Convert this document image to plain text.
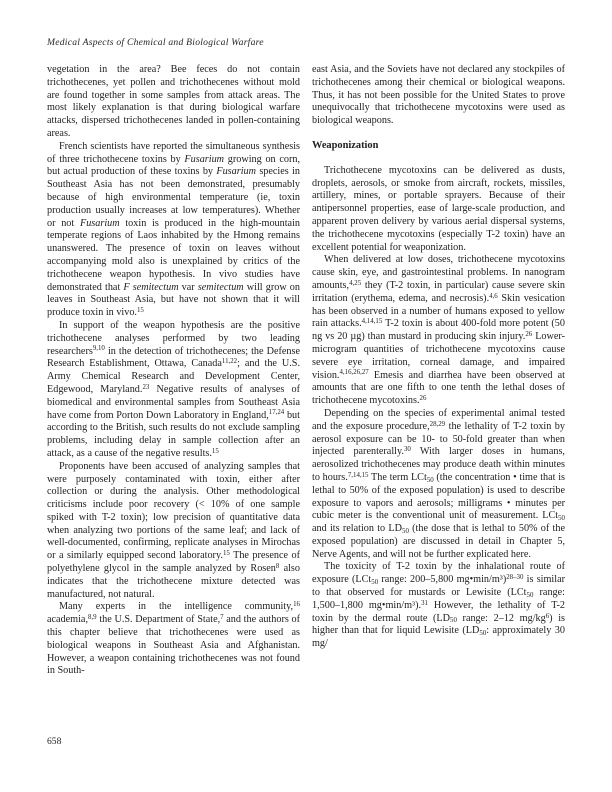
Medical Aspects of Chemical and Biological Warfare

vegetation in the area? Bee feces do not contain trichothecenes, yet pollen and trichothecenes without mold are found together in some samples from attack areas. The most likely explanation is that during biological warfare attacks, dispersed trichothecenes landed in pollen-containing areas.

French scientists have reported the simultaneous synthesis of three trichothecene toxins by Fusarium growing on corn, but actual production of these toxins by Fusarium species in Southeast Asia has not been demonstrated, presumably because of high environmental temperature (ie, toxin production usually increases at low temperatures). Whether or not Fusarium toxin is produced in the high-mountain temperate regions of Laos inhabited by the Hmong remains unanswered. The presence of toxin on leaves without accompanying mold also is unexplained by critics of the trichothecene weapon hypothesis. In vivo studies have demonstrated that F semitectum var semitectum will grow on leaves in Southeast Asia, but have not shown that it will produce toxin in vivo.$^{15}$

In support of the weapon hypothesis are the positive trichothecene analyses performed by two leading researchers$^{9,10}$ in the detection of trichothecenes; the Defense Research Establishment, Ottawa, Canada$^{11,22}$; and the U.S. Army Chemical Research and Development Center, Edgewood, Maryland.$^{23}$ Negative results of analyses of biomedical and environmental samples from Southeast Asia have come from Porton Down Laboratory in England,$^{17,24}$ but according to the British, such results do not exclude sampling problems, including delay in sample collection after an attack, as a cause of the negative results.$^{15}$

Proponents have been accused of analyzing samples that were purposely contaminated with toxin, either after collection or during the analysis. Other methodological criticisms include poor recovery (< 10% of one sample spiked with T-2 toxin); low precision of quantitative data when analyzing two portions of the same leaf; and lack of well-documented, confirming, replicate analyses in Mirochas or a similarly equipped second laboratory.$^{15}$ The presence of polyethylene glycol in the sample analyzed by Rosen$^8$ also indicates that the trichothecene mixture detected was manufactured, not natural.

Many experts in the intelligence community,$^{16}$ academia,$^{8,9}$ the U.S. Department of State,$^7$ and the authors of this chapter believe that trichothecenes were used as biological weapons in Southeast Asia and Afghanistan. However, a weapon containing trichothecenes was not found in South-

east Asia, and the Soviets have not declared any stockpiles of trichothecenes among their chemical or biological weapons. Thus, it has not been possible for the United States to prove unequivocally that trichothecene mycotoxins were used as biological weapons.

Weaponization

Trichothecene mycotoxins can be delivered as dusts, droplets, aerosols, or smoke from aircraft, rockets, missiles, artillery, mines, or portable sprayers. Because of their antipersonnel properties, ease of large-scale production, and apparent proven delivery by various aerial dispersal systems, the trichothecene mycotoxins (especially T-2 toxin) have an excellent potential for weaponization.

When delivered at low doses, trichothecene mycotoxins cause skin, eye, and gastrointestinal problems. In nanogram amounts,$^{4,25}$ they (T-2 toxin, in particular) cause severe skin irritation (erythema, edema, and necrosis).$^{4,6}$ Skin vesication has been observed in a number of humans exposed to yellow rain attacks.$^{4,14,15}$ T-2 toxin is about 400-fold more potent (50 ng vs 20 µg) than mustard in producing skin injury.$^{26}$ Lower-microgram quantities of trichothecene mycotoxins cause severe eye irritation, corneal damage, and impaired vision.$^{4,16,26,27}$ Emesis and diarrhea have been observed at amounts that are one fifth to one tenth the lethal doses of trichothecene mycotoxins.$^{26}$

Depending on the species of experimental animal tested and the exposure procedure,$^{28,29}$ the lethality of T-2 toxin by aerosol exposure can be 10- to 50-fold greater than when injected parenterally.$^{30}$ With larger doses in humans, aerosolized trichothecenes may produce death within minutes to hours.$^{7,14,15}$ The term LCt$_{50}$ (the concentration • time that is lethal to 50% of the exposed population) is used to describe exposure to vapors and aerosols; milligrams • minutes per cubic meter is the conventional unit of measurement. LCt$_{50}$ and its relation to $LD_{50}$ (the dose that is lethal to 50% of the exposed population) are discussed in detail in Chapter 5, Nerve Agents, and will not be further explicated here.

The toxicity of T-2 toxin by the inhalational route of exposure (LCt$_{50}$ range: 200–5,800 mg•min/m³)$^{28-30}$ is similar to that observed for mustards or Lewisite (LCt$_{50}$ range: 1,500–1,800 mg•min/m³).$^{31}$ However, the lethality of T-2 toxin by the dermal route ($LD_{50}$ range: 2–12 $mg/kg^6$) is higher than that for liquid Lewisite ($LD_{50}$: approximately 30 mg/

658
